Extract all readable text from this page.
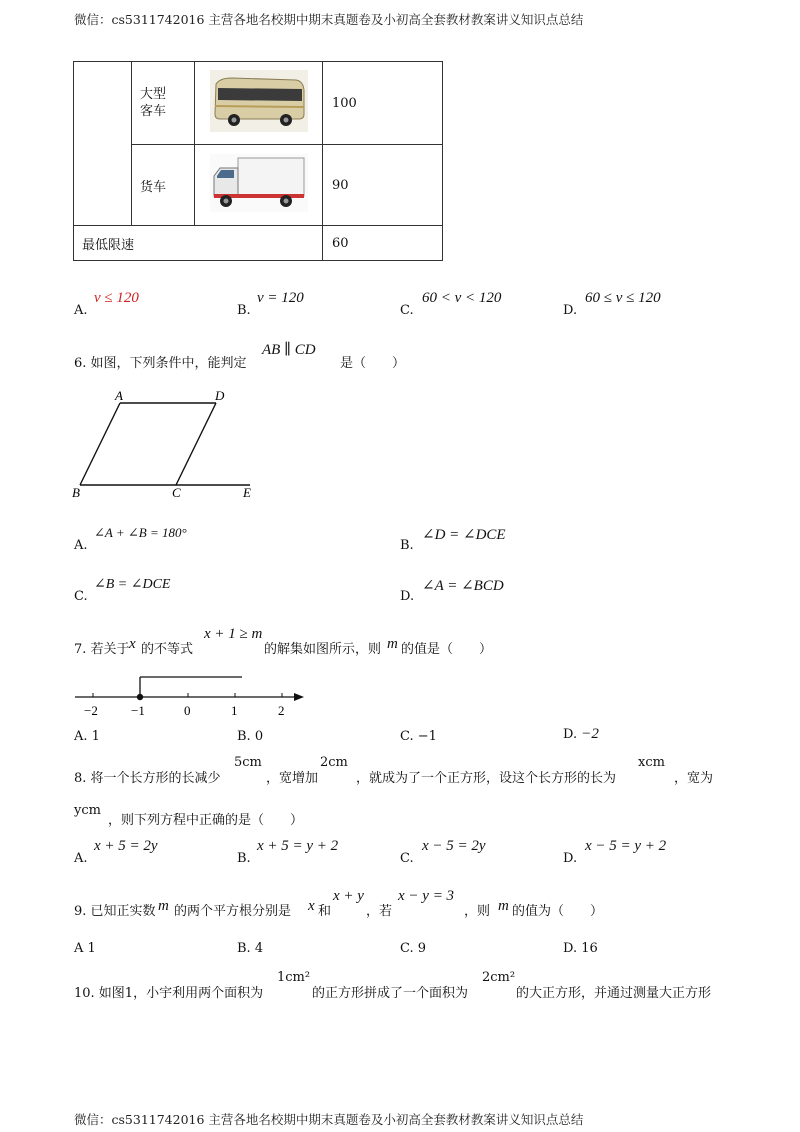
微信：cs5311742016 主营各地名校期中期末真题卷及小初高全套教材教案讲义知识点总结
	大型
客车		100
	货车		90
最低限速			60
A.
v ≤ 120
B.
v = 120
C.
60 < v < 120
D.
60 ≤ v ≤ 120
6. 如图，下列条件中，能判定
AB ∥ CD
是（　　）
A	D
B	C	E
A.
∠A + ∠B = 180°
B.
∠D = ∠DCE
C.
∠B = ∠DCE
D.
∠A = ∠BCD
7. 若关于 x 的不等式
x + 1 ≥ m
的解集如图所示，则 m 的值是（　　）
−2	−1	0	1	2
A. 1	B. 0	C. −1	D. −2
8. 将一个长方形的长减少
5cm
，宽增加
2cm
，就成为了一个正方形，设这个长方形的长为
xcm
，宽为
ycm
，则下列方程中正确的是（　　）
A.
x + 5 = 2y
B.
x + 5 = y + 2
C.
x − 5 = 2y
D.
x − 5 = y + 2
9. 已知正实数 m 的两个平方根分别是 x 和
x + y
，若
x − y = 3
，则 m 的值为（　　）
A 1	B. 4	C. 9	D. 16
10. 如图1，小宇利用两个面积为
1cm²
的正方形拼成了一个面积为
2cm²
的大正方形，并通过测量大正方形
微信：cs5311742016 主营各地名校期中期末真题卷及小初高全套教材教案讲义知识点总结
